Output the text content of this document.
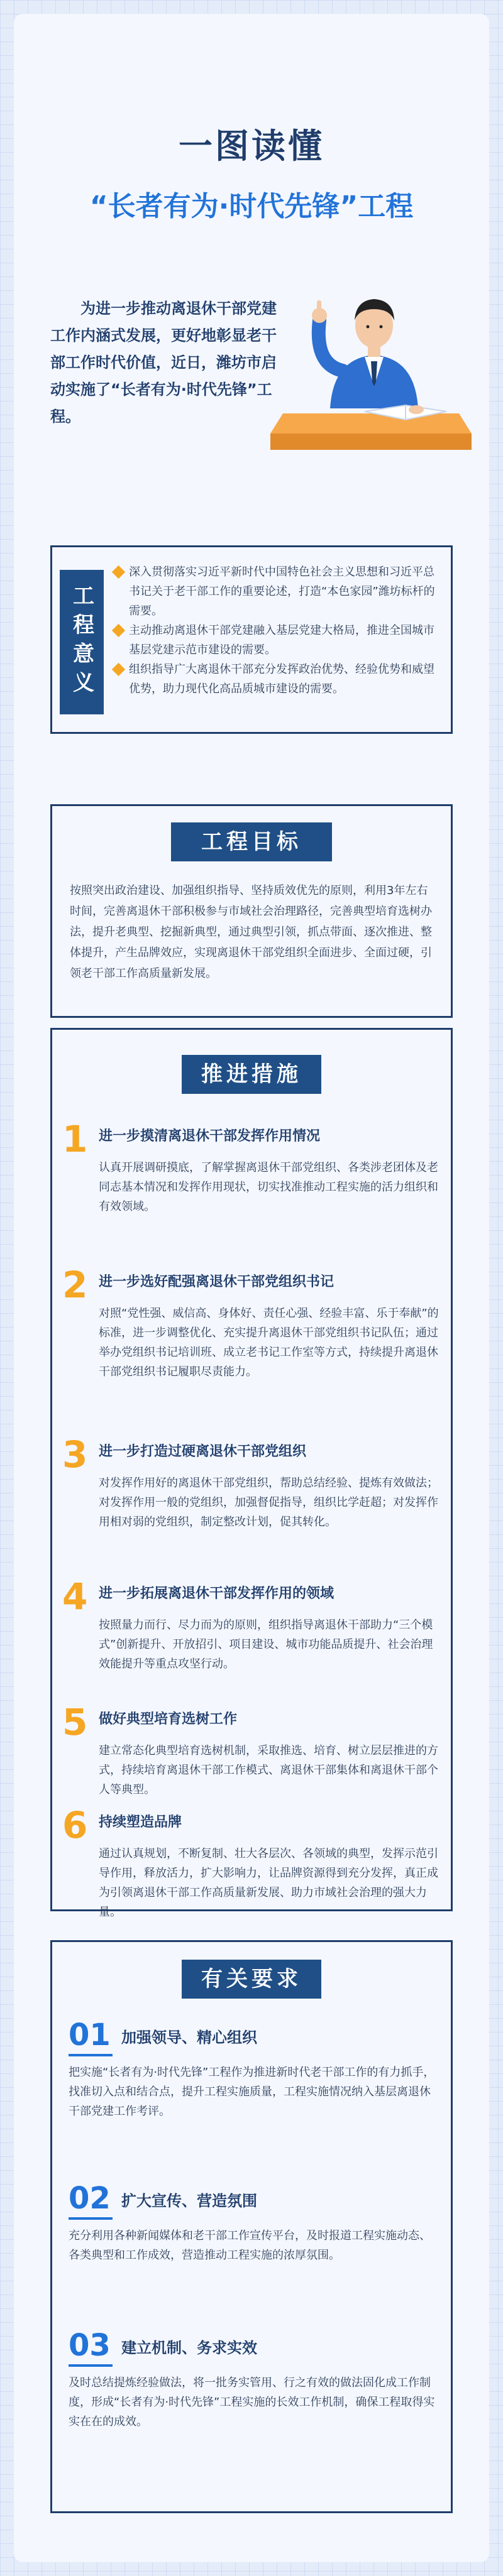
一图读懂
“长者有为·时代先锋”工程
为进一步推动离退休干部党建工作内涵式发展，更好地彰显老干部工作时代价值，近日，潍坊市启动实施了“长者有为·时代先锋”工程。
工程意义
深入贯彻落实习近平新时代中国特色社会主义思想和习近平总书记关于老干部工作的重要论述，打造“本色家园”潍坊标杆的需要。
主动推动离退休干部党建融入基层党建大格局，推进全国城市基层党建示范市建设的需要。
组织指导广大离退休干部充分发挥政治优势、经验优势和威望优势，助力现代化高品质城市建设的需要。
工程目标
按照突出政治建设、加强组织指导、坚持质效优先的原则，利用3年左右时间，完善离退休干部积极参与市域社会治理路径，完善典型培育选树办法，提升老典型、挖掘新典型，通过典型引领，抓点带面、逐次推进、整体提升，产生品牌效应，实现离退休干部党组织全面进步、全面过硬，引领老干部工作高质量新发展。
推进措施
1 进一步摸清离退休干部发挥作用情况
认真开展调研摸底，了解掌握离退休干部党组织、各类涉老团体及老同志基本情况和发挥作用现状，切实找准推动工程实施的活力组织和有效领域。
2 进一步选好配强离退休干部党组织书记
对照“党性强、威信高、身体好、责任心强、经验丰富、乐于奉献”的标准，进一步调整优化、充实提升离退休干部党组织书记队伍；通过举办党组织书记培训班、成立老书记工作室等方式，持续提升离退休干部党组织书记履职尽责能力。
3 进一步打造过硬离退休干部党组织
对发挥作用好的离退休干部党组织，帮助总结经验、提炼有效做法；对发挥作用一般的党组织，加强督促指导，组织比学赶超；对发挥作用相对弱的党组织，制定整改计划，促其转化。
4 进一步拓展离退休干部发挥作用的领域
按照量力而行、尽力而为的原则，组织指导离退休干部助力“三个模式”创新提升、开放招引、项目建设、城市功能品质提升、社会治理效能提升等重点攻坚行动。
5 做好典型培育选树工作
建立常态化典型培育选树机制，采取推选、培育、树立层层推进的方式，持续培育离退休干部工作模式、离退休干部集体和离退休干部个人等典型。
6 持续塑造品牌
通过认真规划，不断复制、壮大各层次、各领域的典型，发挥示范引导作用，释放活力，扩大影响力，让品牌资源得到充分发挥，真正成为引领离退休干部工作高质量新发展、助力市域社会治理的强大力量。
有关要求
01 加强领导、精心组织
把实施“长者有为·时代先锋”工程作为推进新时代老干部工作的有力抓手，找准切入点和结合点，提升工程实施质量，工程实施情况纳入基层离退休干部党建工作考评。
02 扩大宣传、营造氛围
充分利用各种新闻媒体和老干部工作宣传平台，及时报道工程实施动态、各类典型和工作成效，营造推动工程实施的浓厚氛围。
03 建立机制、务求实效
及时总结提炼经验做法，将一批务实管用、行之有效的做法固化成工作制度，形成“长者有为·时代先锋”工程实施的长效工作机制，确保工程取得实实在在的成效。
